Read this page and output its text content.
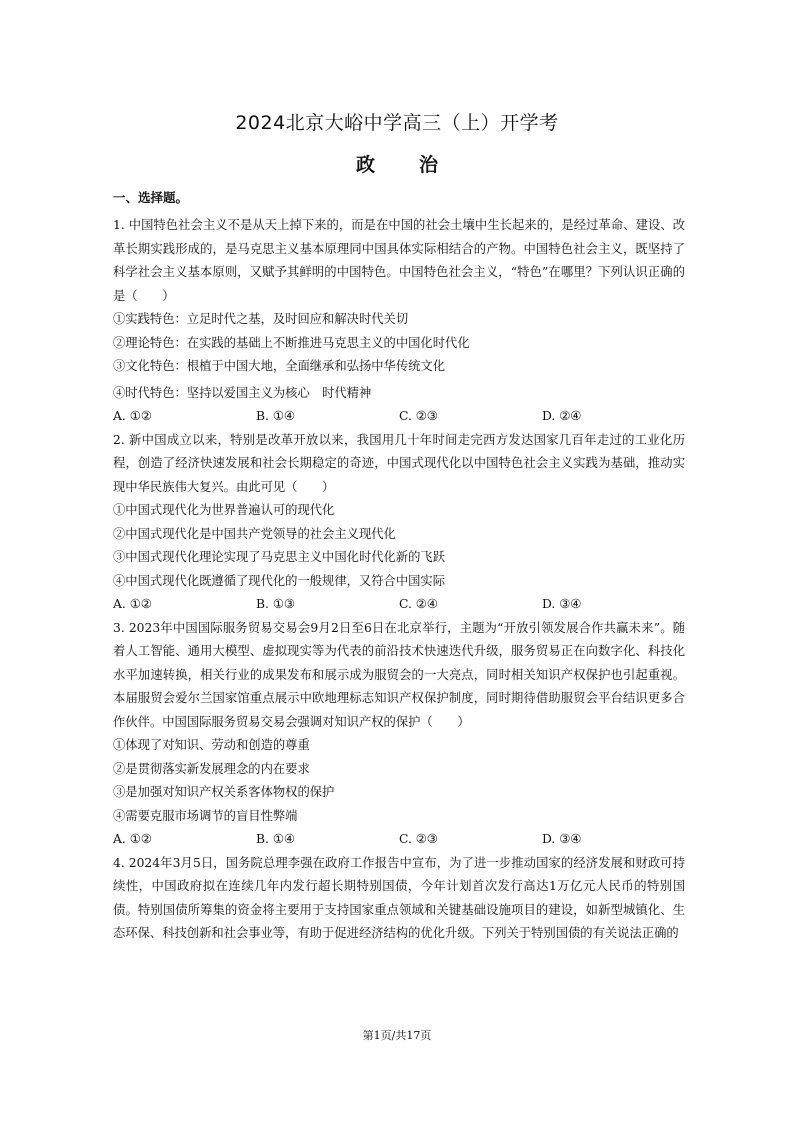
2024北京大峪中学高三（上）开学考
政 治
一、选择题。

1. 中国特色社会主义不是从天上掉下来的，而是在中国的社会土壤中生长起来的，是经过革命、建设、改革长期实践形成的，是马克思主义基本原理同中国具体实际相结合的产物。中国特色社会主义，既坚持了科学社会主义基本原则，又赋予其鲜明的中国特色。中国特色社会主义，“特色”在哪里？下列认识正确的是（　　）

①实践特色：立足时代之基，及时回应和解决时代关切

②理论特色：在实践的基础上不断推进马克思主义的中国化时代化

③文化特色：根植于中国大地，全面继承和弘扬中华传统文化

④时代特色：坚持以爱国主义为核心　时代精神

A. ①②	B. ①④	C. ②③	D. ②④

2. 新中国成立以来，特别是改革开放以来，我国用几十年时间走完西方发达国家几百年走过的工业化历程，创造了经济快速发展和社会长期稳定的奇迹，中国式现代化以中国特色社会主义实践为基础，推动实现中华民族伟大复兴。由此可见（　　）

①中国式现代化为世界普遍认可的现代化

②中国式现代化是中国共产党领导的社会主义现代化

③中国式现代化理论实现了马克思主义中国化时代化新的飞跃

④中国式现代化既遵循了现代化的一般规律，又符合中国实际

A. ①②	B. ①③	C. ②④	D. ③④

3. 2023年中国国际服务贸易交易会9月2日至6日在北京举行，主题为“开放引领发展合作共赢未来”。随着人工智能、通用大模型、虚拟现实等为代表的前沿技术快速迭代升级，服务贸易正在向数字化、科技化水平加速转换，相关行业的成果发布和展示成为服贸会的一大亮点，同时相关知识产权保护也引起重视。本届服贸会爱尔兰国家馆重点展示中欧地理标志知识产权保护制度，同时期待借助服贸会平台结识更多合作伙伴。中国国际服务贸易交易会强调对知识产权的保护（　　）

①体现了对知识、劳动和创造的尊重

②是贯彻落实新发展理念的内在要求

③是加强对知识产权关系客体物权的保护

④需要克服市场调节的盲目性弊端

A. ①②	B. ①④	C. ②③	D. ③④

4. 2024年3月5日，国务院总理李强在政府工作报告中宣布，为了进一步推动国家的经济发展和财政可持续性，中国政府拟在连续几年内发行超长期特别国债，今年计划首次发行高达1万亿元人民币的特别国债。特别国债所筹集的资金将主要用于支持国家重点领域和关键基础设施项目的建设，如新型城镇化、生态环保、科技创新和社会事业等，有助于促进经济结构的优化升级。下列关于特别国债的有关说法正确的

第1页/共17页
